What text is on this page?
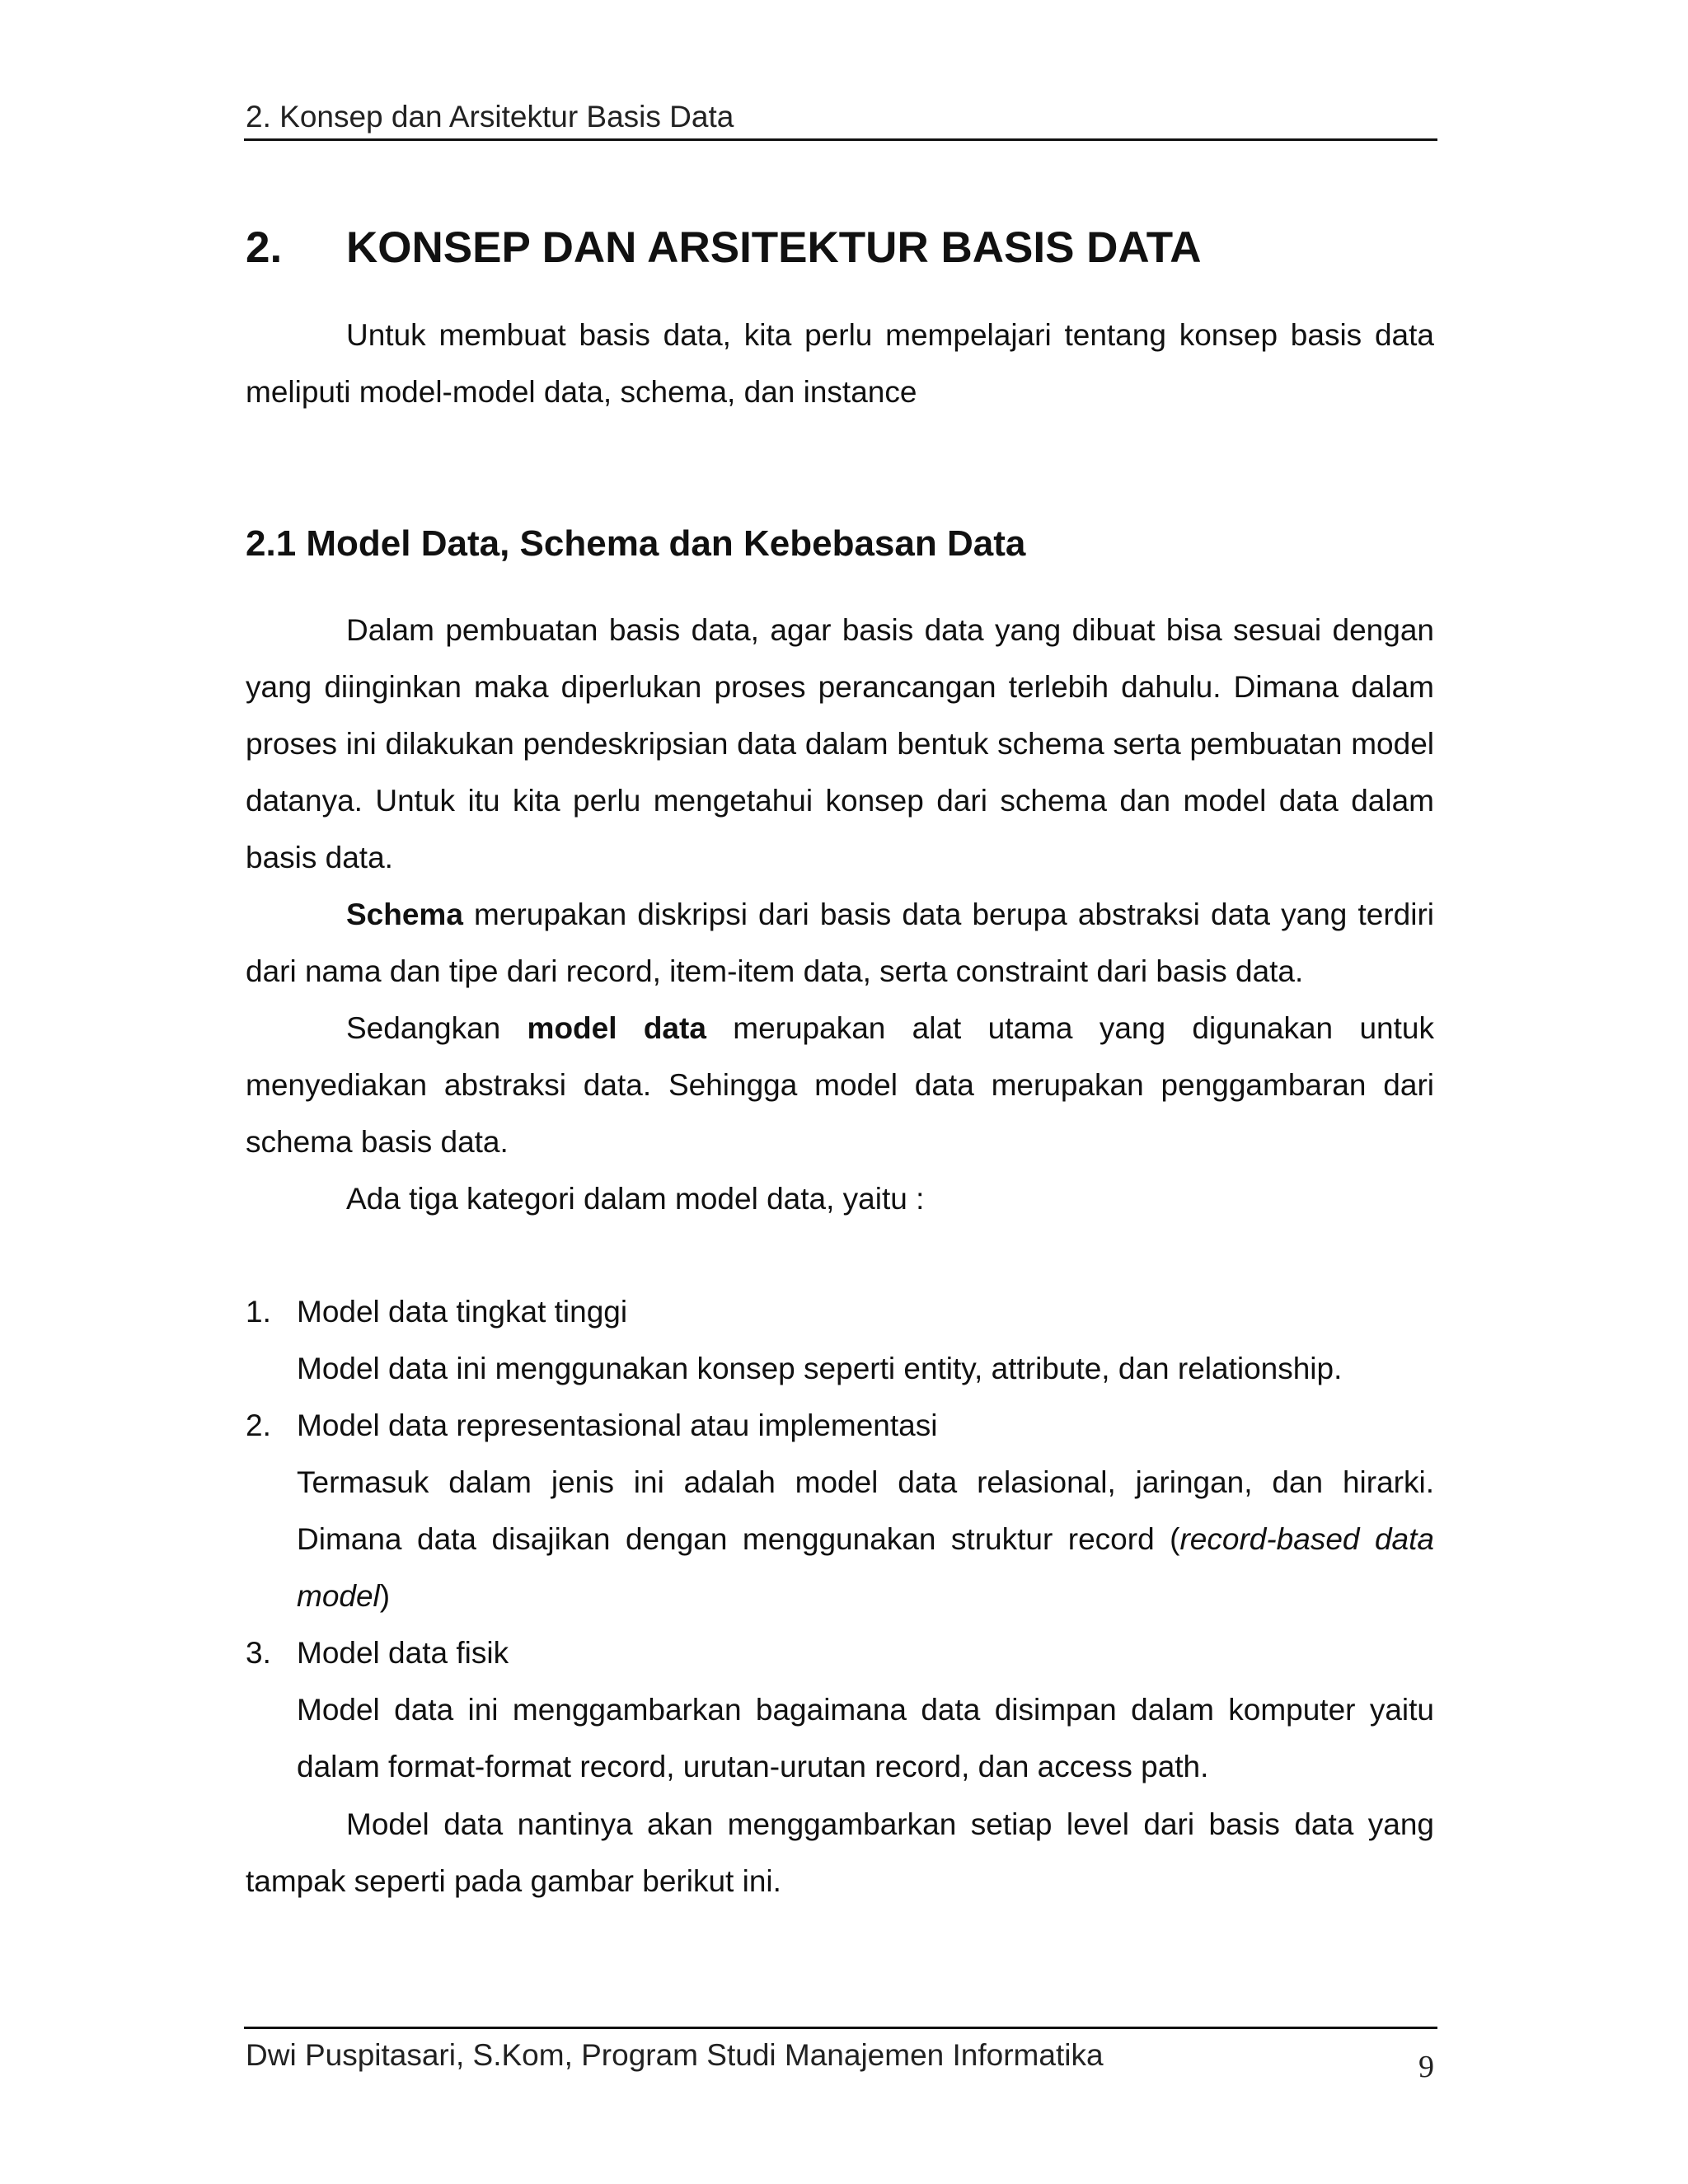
2. Konsep dan Arsitektur Basis Data
2. KONSEP DAN ARSITEKTUR BASIS DATA

Untuk membuat basis data, kita perlu mempelajari tentang konsep basis data meliputi model-model data, schema, dan instance

2.1 Model Data, Schema dan Kebebasan Data

Dalam pembuatan basis data, agar basis data yang dibuat bisa sesuai dengan yang diinginkan maka diperlukan proses perancangan terlebih dahulu. Dimana dalam proses ini dilakukan pendeskripsian data dalam bentuk schema serta pembuatan model datanya. Untuk itu kita perlu mengetahui konsep dari schema dan model data dalam basis data.

Schema merupakan diskripsi dari basis data berupa abstraksi data yang terdiri dari nama dan tipe dari record, item-item data, serta constraint dari basis data.

Sedangkan model data merupakan alat utama yang digunakan untuk menyediakan abstraksi data. Sehingga model data merupakan penggambaran dari schema basis data.

Ada tiga kategori dalam model data, yaitu :

1. Model data tingkat tinggi
Model data ini menggunakan konsep seperti entity, attribute, dan relationship.
2. Model data representasional atau implementasi
Termasuk dalam jenis ini adalah model data relasional, jaringan, dan hirarki. Dimana data disajikan dengan menggunakan struktur record (record-based data model)
3. Model data fisik
Model data ini menggambarkan bagaimana data disimpan dalam komputer yaitu dalam format-format record, urutan-urutan record, dan access path.

Model data nantinya akan menggambarkan setiap level dari basis data yang tampak seperti pada gambar berikut ini.

Dwi Puspitasari, S.Kom, Program Studi Manajemen Informatika	9
